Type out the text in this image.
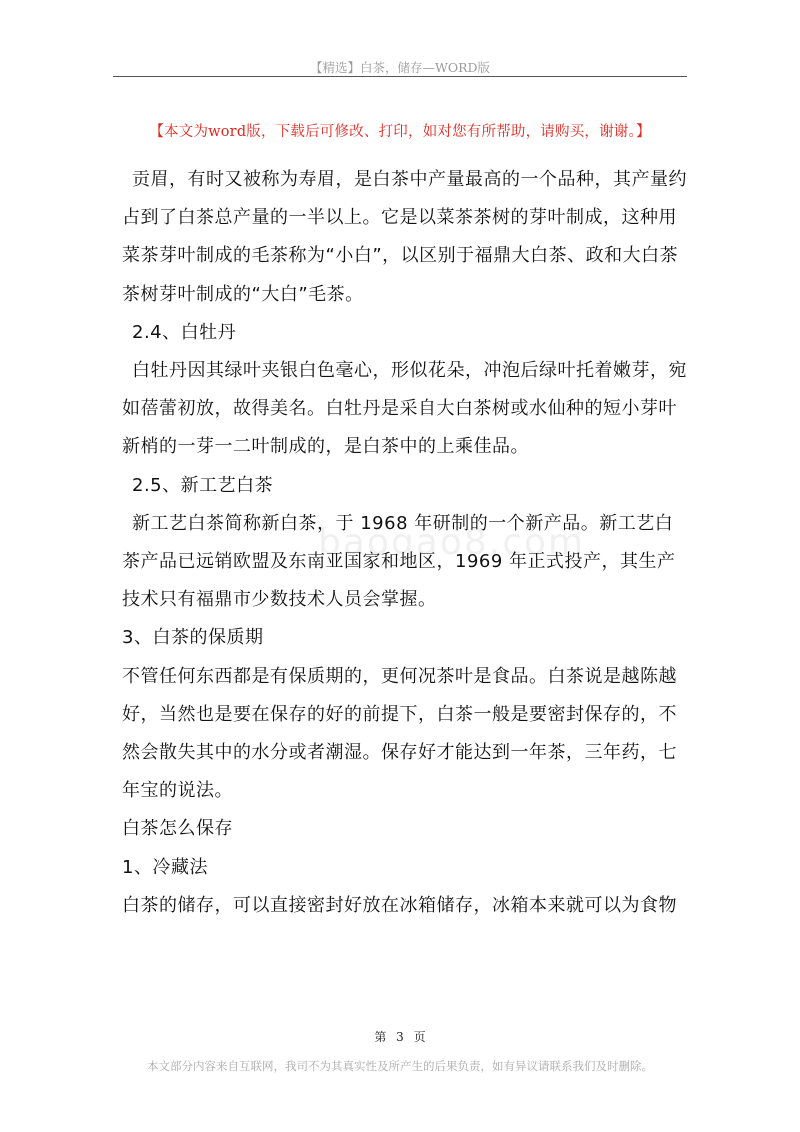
【精选】白茶，储存—WORD版
【本文为word版，下载后可修改、打印，如对您有所帮助，请购买，谢谢。】
baogao8.com

贡眉，有时又被称为寿眉，是白茶中产量最高的一个品种，其产量约占到了白茶总产量的一半以上。它是以菜茶茶树的芽叶制成，这种用菜茶芽叶制成的毛茶称为“小白”，以区别于福鼎大白茶、政和大白茶茶树芽叶制成的“大白”毛茶。

2.4、白牡丹

白牡丹因其绿叶夹银白色毫心，形似花朵，冲泡后绿叶托着嫩芽，宛如蓓蕾初放，故得美名。白牡丹是采自大白茶树或水仙种的短小芽叶新梢的一芽一二叶制成的，是白茶中的上乘佳品。

2.5、新工艺白茶

新工艺白茶简称新白茶，于 1968 年研制的一个新产品。新工艺白茶产品已远销欧盟及东南亚国家和地区，1969 年正式投产，其生产技术只有福鼎市少数技术人员会掌握。

3、白茶的保质期

不管任何东西都是有保质期的，更何况茶叶是食品。白茶说是越陈越好，当然也是要在保存的好的前提下，白茶一般是要密封保存的，不然会散失其中的水分或者潮湿。保存好才能达到一年茶，三年药，七年宝的说法。

白茶怎么保存

1、冷藏法

白茶的储存，可以直接密封好放在冰箱储存，冰箱本来就可以为食物

第 3 页
本文部分内容来自互联网，我司不为其真实性及所产生的后果负责，如有异议请联系我们及时删除。
